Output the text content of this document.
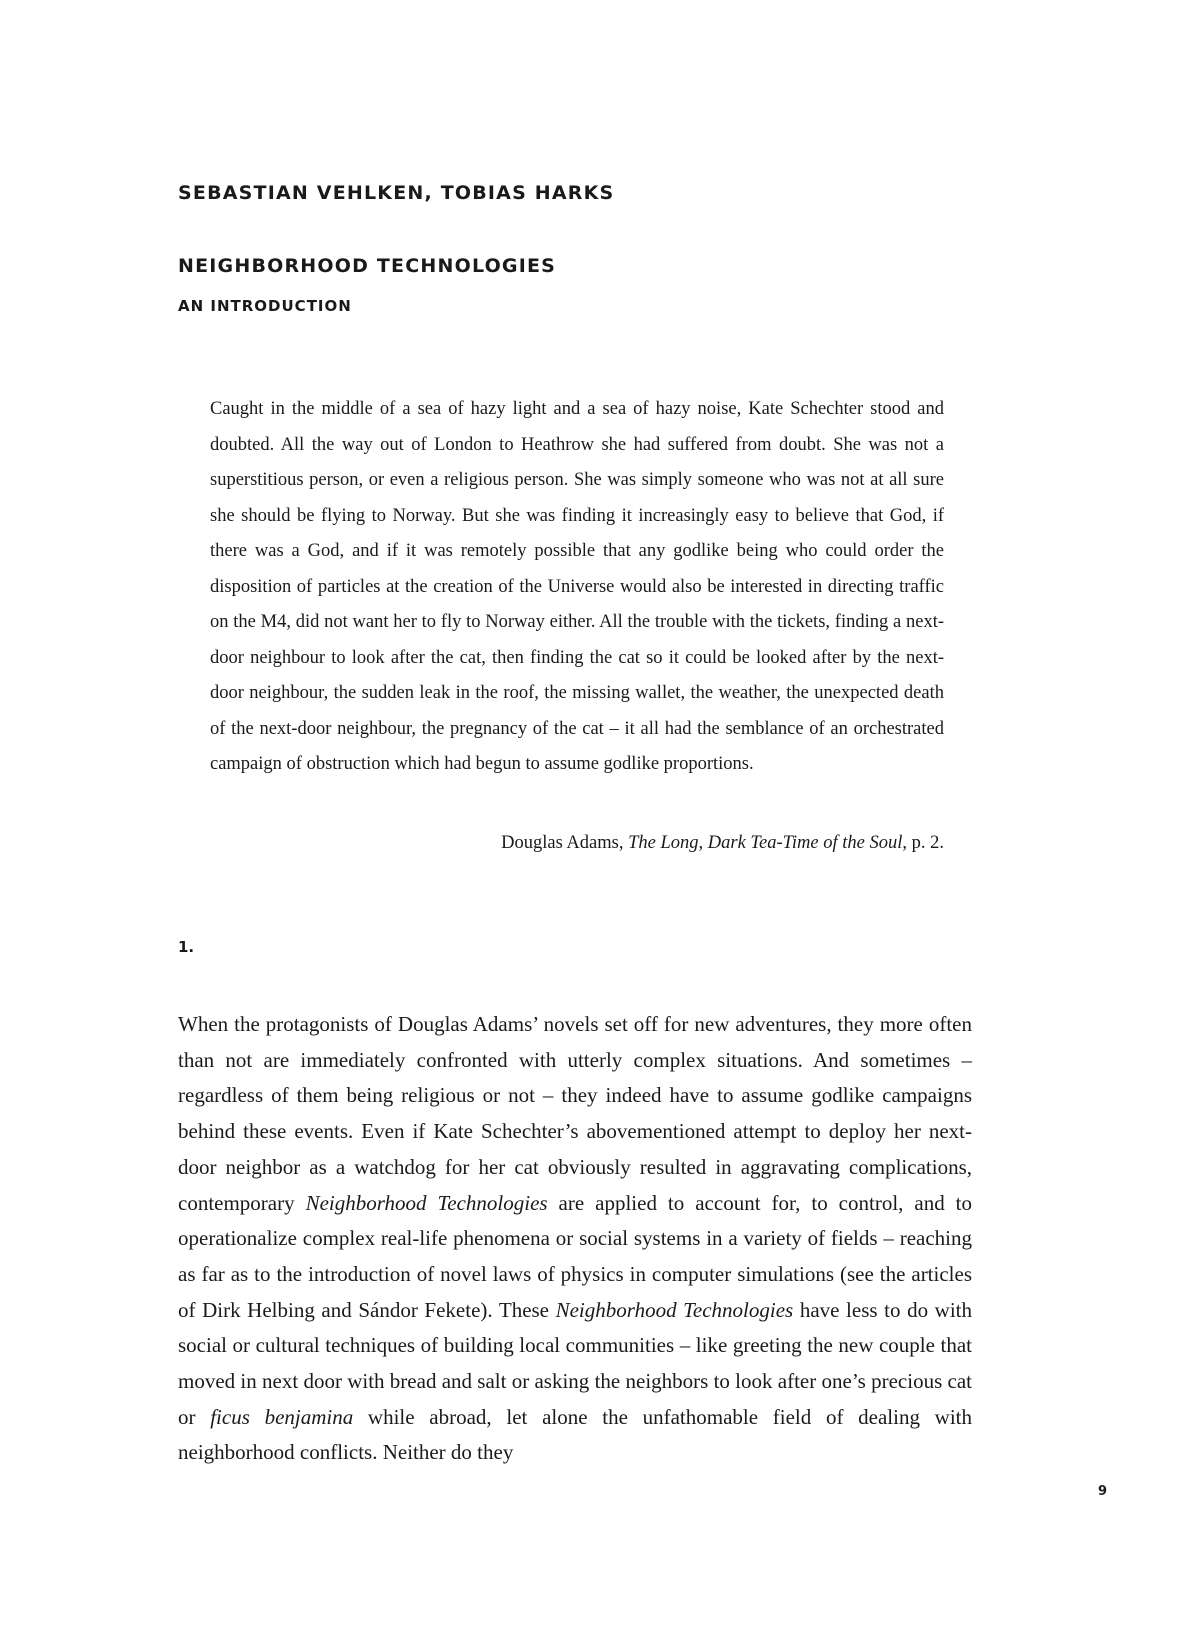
SEBASTIAN VEHLKEN, TOBIAS HARKS
NEIGHBORHOOD TECHNOLOGIES
AN INTRODUCTION

Caught in the middle of a sea of hazy light and a sea of hazy noise, Kate Schechter stood and doubted. All the way out of London to Heathrow she had suffered from doubt. She was not a superstitious person, or even a religious person. She was simply someone who was not at all sure she should be flying to Norway. But she was finding it increasingly easy to believe that God, if there was a God, and if it was remotely possible that any godlike being who could order the disposition of particles at the creation of the Universe would also be interested in directing traffic on the M4, did not want her to fly to Norway either. All the trouble with the tickets, finding a next-door neighbour to look after the cat, then finding the cat so it could be looked after by the next-door neighbour, the sudden leak in the roof, the missing wallet, the weather, the unexpected death of the next-door neighbour, the pregnancy of the cat – it all had the semblance of an orchestrated campaign of obstruction which had begun to assume godlike proportions.

Douglas Adams, The Long, Dark Tea-Time of the Soul, p. 2.

1.

When the protagonists of Douglas Adams’ novels set off for new adventures, they more often than not are immediately confronted with utterly complex situations. And sometimes – regardless of them being religious or not – they indeed have to assume godlike campaigns behind these events. Even if Kate Schechter’s abovementioned attempt to deploy her next-door neighbor as a watchdog for her cat obviously resulted in aggravating complications, contemporary Neighborhood Technologies are applied to account for, to control, and to operationalize complex real-life phenomena or social systems in a variety of fields – reaching as far as to the introduction of novel laws of physics in computer simulations (see the articles of Dirk Helbing and Sándor Fekete). These Neighborhood Technologies have less to do with social or cultural techniques of building local communities – like greeting the new couple that moved in next door with bread and salt or asking the neighbors to look after one’s precious cat or ficus benjamina while abroad, let alone the unfathomable field of dealing with neighborhood conflicts. Neither do they

9
